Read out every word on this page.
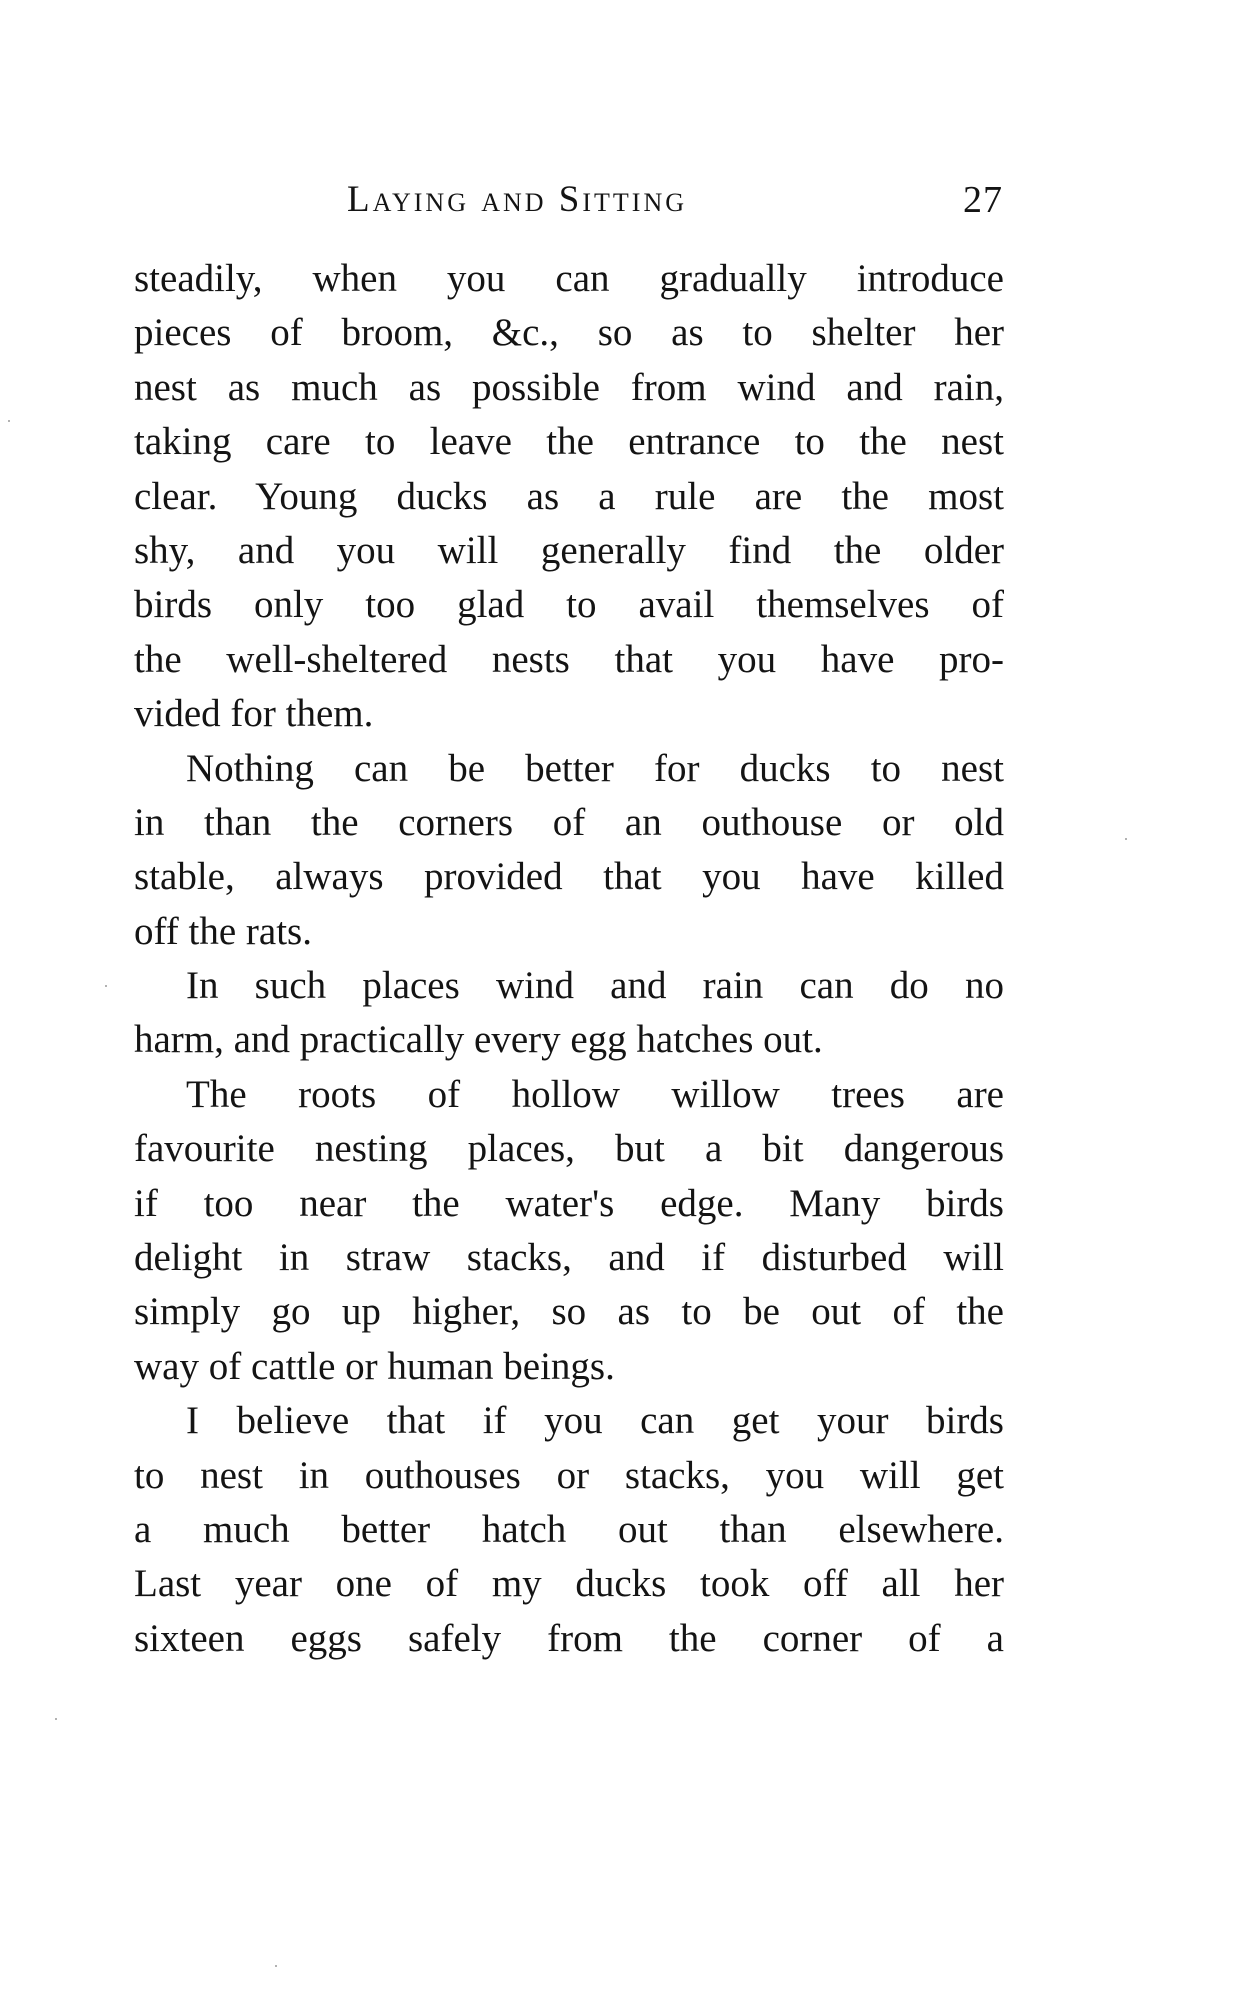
Laying and Sitting	27
steadily, when you can gradually introduce
pieces of broom, &c., so as to shelter her
nest as much as possible from wind and rain,
taking care to leave the entrance to the nest
clear. Young ducks as a rule are the most
shy, and you will generally find the older
birds only too glad to avail themselves of
the well-sheltered nests that you have pro-
vided for them.
Nothing can be better for ducks to nest
in than the corners of an outhouse or old
stable, always provided that you have killed
off the rats.
In such places wind and rain can do no
harm, and practically every egg hatches out.
The roots of hollow willow trees are
favourite nesting places, but a bit dangerous
if too near the water's edge. Many birds
delight in straw stacks, and if disturbed will
simply go up higher, so as to be out of the
way of cattle or human beings.
I believe that if you can get your birds
to nest in outhouses or stacks, you will get
a much better hatch out than elsewhere.
Last year one of my ducks took off all her
sixteen eggs safely from the corner of a
